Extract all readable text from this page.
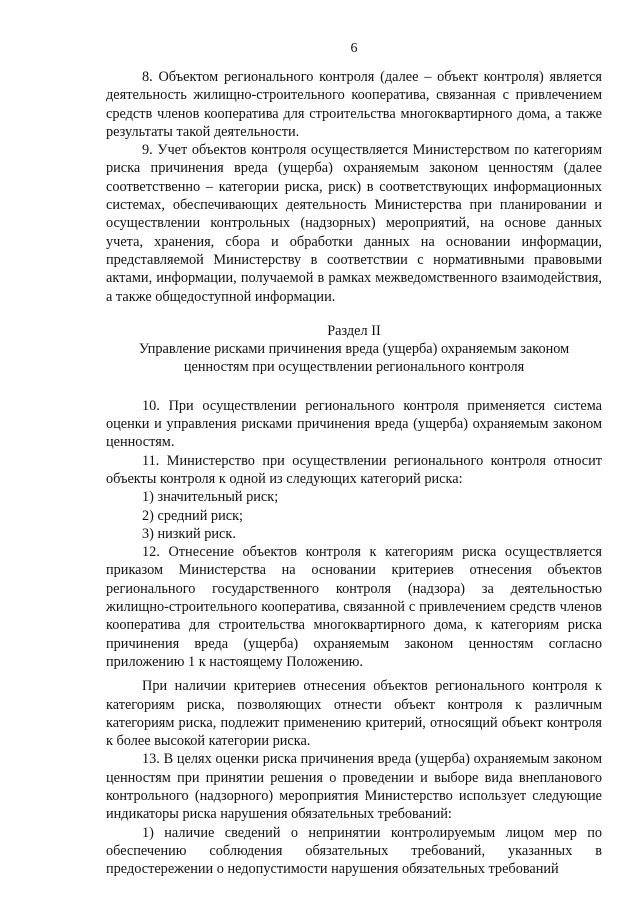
6

8. Объектом регионального контроля (далее – объект контроля) является деятельность жилищно-строительного кооператива, связанная с привлечением средств членов кооператива для строительства многоквартирного дома, а также результаты такой деятельности.

9. Учет объектов контроля осуществляется Министерством по категориям риска причинения вреда (ущерба) охраняемым законом ценностям (далее соответственно – категории риска, риск) в соответствующих информационных системах, обеспечивающих деятельность Министерства при планировании и осуществлении контрольных (надзорных) мероприятий, на основе данных учета, хранения, сбора и обработки данных на основании информации, представляемой Министерству в соответствии с нормативными правовыми актами, информации, получаемой в рамках межведомственного взаимодействия, а также общедоступной информации.

Раздел II
Управление рисками причинения вреда (ущерба) охраняемым законом
ценностям при осуществлении регионального контроля

10. При осуществлении регионального контроля применяется система оценки и управления рисками причинения вреда (ущерба) охраняемым законом ценностям.

11. Министерство при осуществлении регионального контроля относит объекты контроля к одной из следующих категорий риска:

1) значительный риск;

2) средний риск;

3) низкий риск.

12. Отнесение объектов контроля к категориям риска осуществляется приказом Министерства на основании критериев отнесения объектов регионального государственного контроля (надзора) за деятельностью жилищно-строительного кооператива, связанной с привлечением средств членов кооператива для строительства многоквартирного дома, к категориям риска причинения вреда (ущерба) охраняемым законом ценностям согласно приложению 1 к настоящему Положению.

При наличии критериев отнесения объектов регионального контроля к категориям риска, позволяющих отнести объект контроля к различным категориям риска, подлежит применению критерий, относящий объект контроля к более высокой категории риска.

13. В целях оценки риска причинения вреда (ущерба) охраняемым законом ценностям при принятии решения о проведении и выборе вида внепланового контрольного (надзорного) мероприятия Министерство использует следующие индикаторы риска нарушения обязательных требований:

1) наличие сведений о непринятии контролируемым лицом мер по обеспечению соблюдения обязательных требований, указанных в предостережении о недопустимости нарушения обязательных требований
